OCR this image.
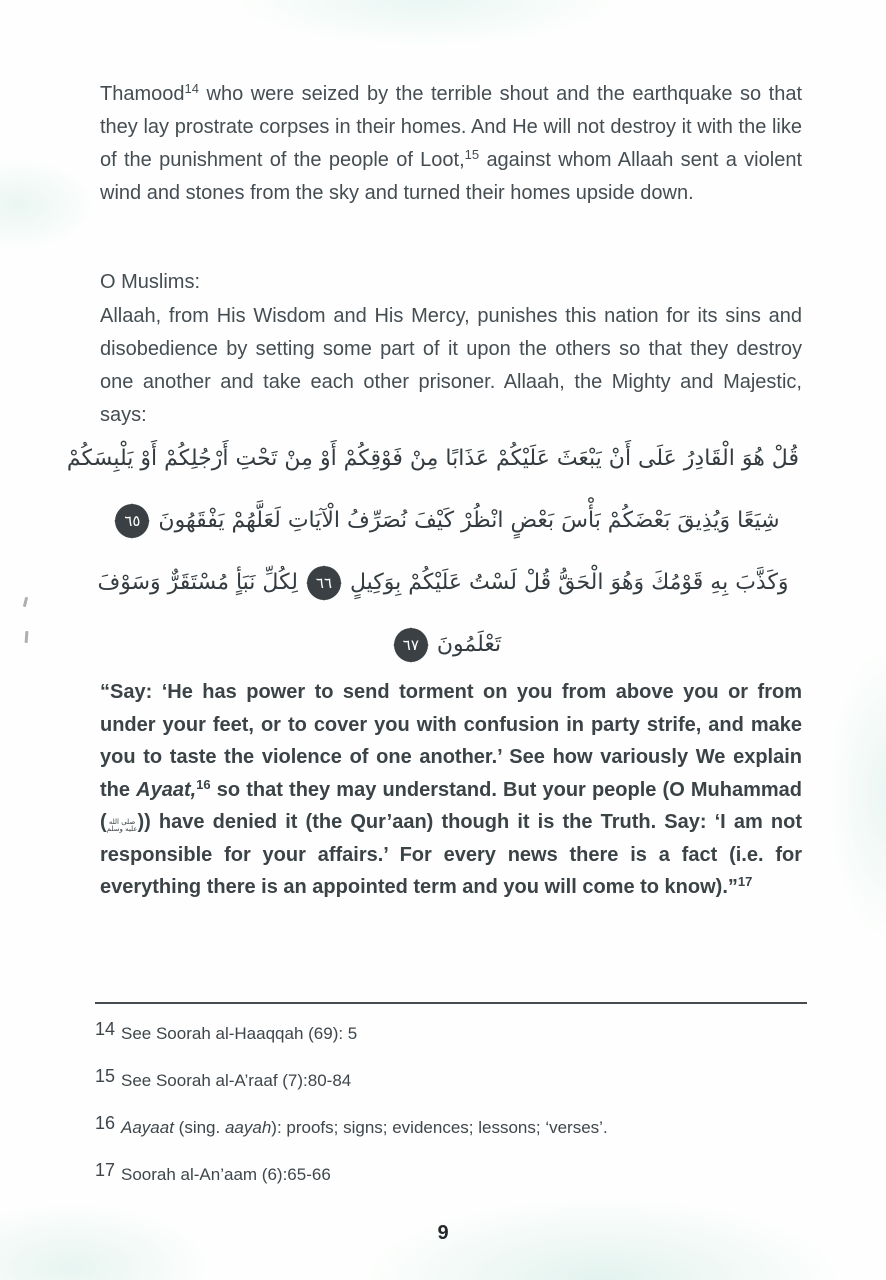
Thamood$^{14}$ who were seized by the terrible shout and the earthquake so that they lay prostrate corpses in their homes. And He will not destroy it with the like of the punishment of the people of Loot,$^{15}$ against whom Allaah sent a violent wind and stones from the sky and turned their homes upside down.

O Muslims:

Allaah, from His Wisdom and His Mercy, punishes this nation for its sins and disobedience by setting some part of it upon the others so that they destroy one another and take each other prisoner. Allaah, the Mighty and Majestic, says:

قُلْ هُوَ الْقَادِرُ عَلَى أَنْ يَبْعَثَ عَلَيْكُمْ عَذَابًا مِنْ فَوْقِكُمْ أَوْ مِنْ تَحْتِ أَرْجُلِكُمْ أَوْ يَلْبِسَكُمْ
شِيَعًا وَيُذِيقَ بَعْضَكُمْ بَأْسَ بَعْضٍ انْظُرْ كَيْفَ نُصَرِّفُ الْآيَاتِ لَعَلَّهُمْ يَفْقَهُونَ
٦٥
وَكَذَّبَ بِهِ قَوْمُكَ وَهُوَ الْحَقُّ قُلْ لَسْتُ عَلَيْكُمْ بِوَكِيلٍ
٦٦
لِكُلِّ نَبَأٍ مُسْتَقَرٌّ وَسَوْفَ
تَعْلَمُونَ
٦٧

“Say: ‘He has power to send torment on you from above you or from under your feet, or to cover you with confusion in party strife, and make you to taste the violence of one another.’ See how variously We explain the Ayaat,$^{16}$ so that they may understand. But your people (O Muhammad ( صلى الله
عليه وسلم )) have denied it (the Qur’aan) though it is the Truth. Say: ‘I am not responsible for your affairs.’ For every news there is a fact (i.e. for everything there is an appointed term and you will come to know).”$^{17}$

14 See Soorah al-Haaqqah (69): 5
15 See Soorah al-A’raaf (7):80-84
16 Aayaat (sing. aayah): proofs; signs; evidences; lessons; ‘verses’.
17 Soorah al-An’aam (6):65-66
9
